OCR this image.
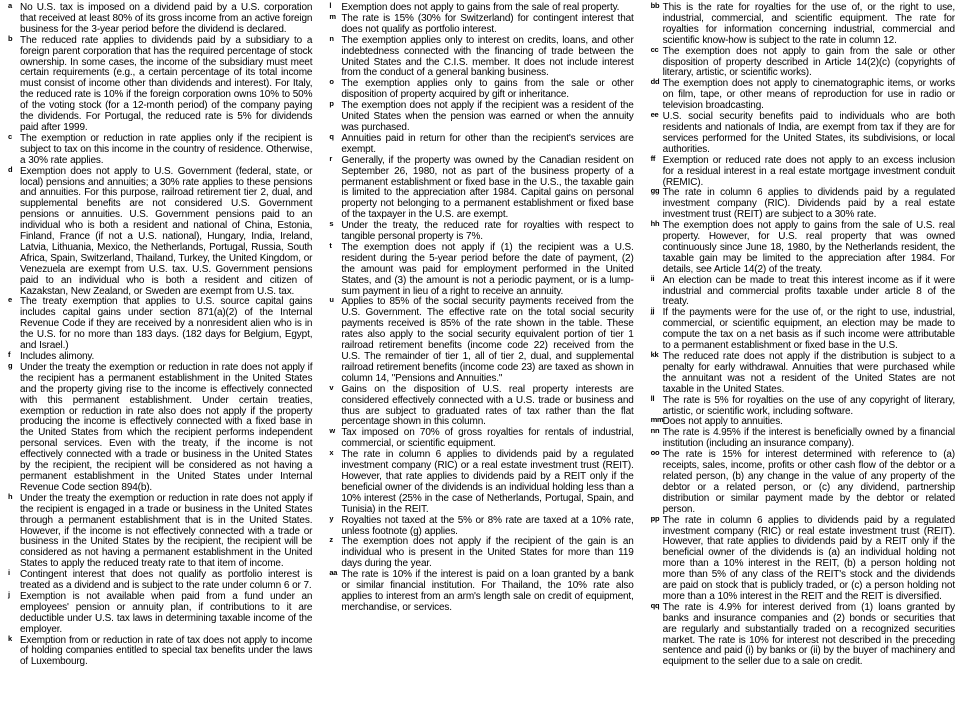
a No U.S. tax is imposed on a dividend paid by a U.S. corporation that received at least 80% of its gross income from an active foreign business for the 3-year period before the dividend is declared.

b The reduced rate applies to dividends paid by a subsidiary to a foreign parent corporation that has the required percentage of stock ownership. In some cases, the income of the subsidiary must meet certain requirements (e.g., a certain percentage of its total income must consist of income other than dividends and interest). For Italy, the reduced rate is 10% if the foreign corporation owns 10% to 50% of the voting stock (for a 12-month period) of the company paying the dividends. For Portugal, the reduced rate is 5% for dividends paid after 1999.

c The exemption or reduction in rate applies only if the recipient is subject to tax on this income in the country of residence. Otherwise, a 30% rate applies.

d Exemption does not apply to U.S. Government (federal, state, or local) pensions and annuities; a 30% rate applies to these pensions and annuities. For this purpose, railroad retirement tier 2, dual, and supplemental benefits are not considered U.S. Government pensions or annuities. U.S. Government pensions paid to an individual who is both a resident and national of China, Estonia, Finland, France (if not a U.S. national), Hungary, India, Ireland, Latvia, Lithuania, Mexico, the Netherlands, Portugal, Russia, South Africa, Spain, Switzerland, Thailand, Turkey, the United Kingdom, or Venezuela are exempt from U.S. tax. U.S. Government pensions paid to an individual who is both a resident and citizen of Kazakstan, New Zealand, or Sweden are exempt from U.S. tax.

e The treaty exemption that applies to U.S. source capital gains includes capital gains under section 871(a)(2) of the Internal Revenue Code if they are received by a nonresident alien who is in the U.S. for no more than 183 days. (182 days for Belgium, Egypt, and Israel.)

f Includes alimony.

g Under the treaty the exemption or reduction in rate does not apply if the recipient has a permanent establishment in the United States and the property giving rise to the income is effectively connected with this permanent establishment. Under certain treaties, exemption or reduction in rate also does not apply if the property producing the income is effectively connected with a fixed base in the United States from which the recipient performs independent personal services. Even with the treaty, if the income is not effectively connected with a trade or business in the United States by the recipient, the recipient will be considered as not having a permanent establishment in the United States under Internal Revenue Code section 894(b).

h Under the treaty the exemption or reduction in rate does not apply if the recipient is engaged in a trade or business in the United States through a permanent establishment that is in the United States. However, if the income is not effectively connected with a trade or business in the United States by the recipient, the recipient will be considered as not having a permanent establishment in the United States to apply the reduced treaty rate to that item of income.

i Contingent interest that does not qualify as portfolio interest is treated as a dividend and is subject to the rate under column 6 or 7.

j Exemption is not available when paid from a fund under an employees' pension or annuity plan, if contributions to it are deductible under U.S. tax laws in determining taxable income of the employer.

k Exemption from or reduction in rate of tax does not apply to income of holding companies entitled to special tax benefits under the laws of Luxembourg.

l Exemption does not apply to gains from the sale of real property.

m The rate is 15% (30% for Switzerland) for contingent interest that does not qualify as portfolio interest.

n The exemption applies only to interest on credits, loans, and other indebtedness connected with the financing of trade between the United States and the C.I.S. member. It does not include interest from the conduct of a general banking business.

o The exemption applies only to gains from the sale or other disposition of property acquired by gift or inheritance.

p The exemption does not apply if the recipient was a resident of the United States when the pension was earned or when the annuity was purchased.

q Annuities paid in return for other than the recipient's services are exempt.

r Generally, if the property was owned by the Canadian resident on September 26, 1980, not as part of the business property of a permanent establishment or fixed base in the U.S., the taxable gain is limited to the appreciation after 1984. Capital gains on personal property not belonging to a permanent establishment or fixed base of the taxpayer in the U.S. are exempt.

s Under the treaty, the reduced rate for royalties with respect to tangible personal property is 7%.

t The exemption does not apply if (1) the recipient was a U.S. resident during the 5-year period before the date of payment, (2) the amount was paid for employment performed in the United States, and (3) the amount is not a periodic payment, or is a lump-sum payment in lieu of a right to receive an annuity.

u Applies to 85% of the social security payments received from the U.S. Government. The effective rate on the total social security payments received is 85% of the rate shown in the table. These rates also apply to the social security equivalent portion of tier 1 railroad retirement benefits (income code 22) received from the U.S. The remainder of tier 1, all of tier 2, dual, and supplemental railroad retirement benefits (income code 23) are taxed as shown in column 14, "Pensions and Annuities."

v Gains on the disposition of U.S. real property interests are considered effectively connected with a U.S. trade or business and thus are subject to graduated rates of tax rather than the flat percentage shown in this column.

w Tax imposed on 70% of gross royalties for rentals of industrial, commercial, or scientific equipment.

x The rate in column 6 applies to dividends paid by a regulated investment company (RIC) or a real estate investment trust (REIT). However, that rate applies to dividends paid by a REIT only if the beneficial owner of the dividends is an individual holding less than a 10% interest (25% in the case of Netherlands, Portugal, Spain, and Tunisia) in the REIT.

y Royalties not taxed at the 5% or 8% rate are taxed at a 10% rate, unless footnote (g) applies.

z The exemption does not apply if the recipient of the gain is an individual who is present in the United States for more than 119 days during the year.

aa The rate is 10% if the interest is paid on a loan granted by a bank or similar financial institution. For Thailand, the 10% rate also applies to interest from an arm's length sale on credit of equipment, merchandise, or services.

bb This is the rate for royalties for the use of, or the right to use, industrial, commercial, and scientific equipment. The rate for royalties for information concerning industrial, commercial and scientific know-how is subject to the rate in column 12.

cc The exemption does not apply to gain from the sale or other disposition of property described in Article 14(2)(c) (copyrights of literary, artistic, or scientific works).

dd The exemption does not apply to cinematographic items, or works on film, tape, or other means of reproduction for use in radio or television broadcasting.

ee U.S. social security benefits paid to individuals who are both residents and nationals of India, are exempt from tax if they are for services performed for the United States, its subdivisions, or local authorities.

ff Exemption or reduced rate does not apply to an excess inclusion for a residual interest in a real estate mortgage investment conduit (REMIC).

gg The rate in column 6 applies to dividends paid by a regulated investment company (RIC). Dividends paid by a real estate investment trust (REIT) are subject to a 30% rate.

hh The exemption does not apply to gains from the sale of U.S. real property. However, for U.S. real property that was owned continuously since June 18, 1980, by the Netherlands resident, the taxable gain may be limited to the appreciation after 1984. For details, see Article 14(2) of the treaty.

ii An election can be made to treat this interest income as if it were industrial and commercial profits taxable under article 8 of the treaty.

jj If the payments were for the use of, or the right to use, industrial, commercial, or scientific equipment, an election may be made to compute the tax on a net basis as if such income were attributable to a permanent establishment or fixed base in the U.S.

kk The reduced rate does not apply if the distribution is subject to a penalty for early withdrawal. Annuities that were purchased while the annuitant was not a resident of the United States are not taxable in the United States.

ll The rate is 5% for royalties on the use of any copyright of literary, artistic, or scientific work, including software.

mm Does not apply to annuities.

nn The rate is 4.95% if the interest is beneficially owned by a financial institution (including an insurance company).

oo The rate is 15% for interest determined with reference to (a) receipts, sales, income, profits or other cash flow of the debtor or a related person, (b) any change in the value of any property of the debtor or a related person, or (c) any dividend, partnership distribution or similar payment made by the debtor or related person.

pp The rate in column 6 applies to dividends paid by a regulated investment company (RIC) or real estate investment trust (REIT). However, that rate applies to dividends paid by a REIT only if the beneficial owner of the dividends is (a) an individual holding not more than a 10% interest in the REIT, (b) a person holding not more than 5% of any class of the REIT's stock and the dividends are paid on stock that is publicly traded, or (c) a person holding not more than a 10% interest in the REIT and the REIT is diversified.

qq The rate is 4.9% for interest derived from (1) loans granted by banks and insurance companies and (2) bonds or securities that are regularly and substantially traded on a recognized securities market. The rate is 10% for interest not described in the preceding sentence and paid (i) by banks or (ii) by the buyer of machinery and equipment to the seller due to a sale on credit.
